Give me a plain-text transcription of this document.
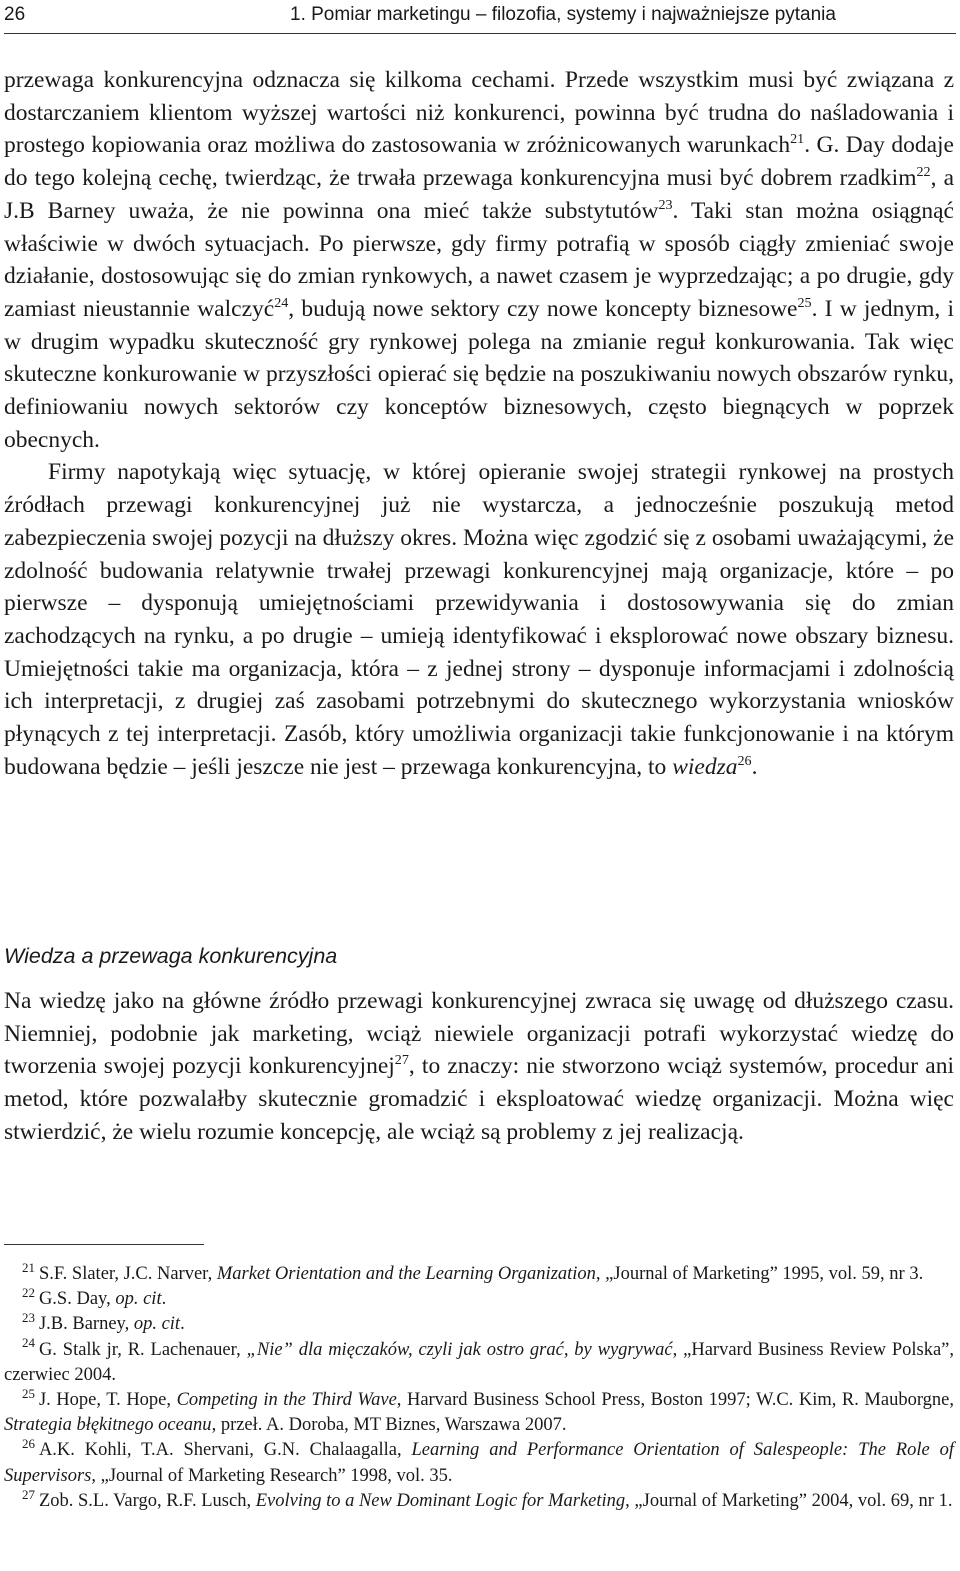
26	1. Pomiar marketingu – filozofia, systemy i najważniejsze pytania

przewaga konkurencyjna odznacza się kilkoma cechami. Przede wszystkim musi być związana z dostarczaniem klientom wyższej wartości niż konkurenci, powinna być trudna do naśladowania i prostego kopiowania oraz możliwa do zastosowania w zróżnicowanych warunkach$^{21}$. G. Day dodaje do tego kolejną cechę, twierdząc, że trwała przewaga konkurencyjna musi być dobrem rzadkim$^{22}$, a J.B Barney uważa, że nie powinna ona mieć także substytutów$^{23}$. Taki stan można osiągnąć właściwie w dwóch sytuacjach. Po pierwsze, gdy firmy potrafią w sposób ciągły zmieniać swoje działanie, dostosowując się do zmian rynkowych, a nawet czasem je wyprzedzając; a po drugie, gdy zamiast nieustannie walczyć$^{24}$, budują nowe sektory czy nowe koncepty biznesowe$^{25}$. I w jednym, i w drugim wypadku skuteczność gry rynkowej polega na zmianie reguł konkurowania. Tak więc skuteczne konkurowanie w przyszłości opierać się będzie na poszukiwaniu nowych obszarów rynku, definiowaniu nowych sektorów czy konceptów biznesowych, często biegnących w poprzek obecnych.

Firmy napotykają więc sytuację, w której opieranie swojej strategii rynkowej na prostych źródłach przewagi konkurencyjnej już nie wystarcza, a jednocześnie poszukują metod zabezpieczenia swojej pozycji na dłuższy okres. Można więc zgodzić się z osobami uważającymi, że zdolność budowania relatywnie trwałej przewagi konkurencyjnej mają organizacje, które – po pierwsze – dysponują umiejętnościami przewidywania i dostosowywania się do zmian zachodzących na rynku, a po drugie – umieją identyfikować i eksplorować nowe obszary biznesu. Umiejętności takie ma organizacja, która – z jednej strony – dysponuje informacjami i zdolnością ich interpretacji, z drugiej zaś zasobami potrzebnymi do skutecznego wykorzystania wniosków płynących z tej interpretacji. Zasób, który umożliwia organizacji takie funkcjonowanie i na którym budowana będzie – jeśli jeszcze nie jest – przewaga konkurencyjna, to wiedza$^{26}$.

Wiedza a przewaga konkurencyjna

Na wiedzę jako na główne źródło przewagi konkurencyjnej zwraca się uwagę od dłuższego czasu. Niemniej, podobnie jak marketing, wciąż niewiele organizacji potrafi wykorzystać wiedzę do tworzenia swojej pozycji konkurencyjnej$^{27}$, to znaczy: nie stworzono wciąż systemów, procedur ani metod, które pozwalałby skutecznie gromadzić i eksploatować wiedzę organizacji. Można więc stwierdzić, że wielu rozumie koncepcję, ale wciąż są problemy z jej realizacją.

$^{21}$ S.F. Slater, J.C. Narver, Market Orientation and the Learning Organization, „Journal of Marketing” 1995, vol. 59, nr 3.

$^{22}$ G.S. Day, op. cit.

$^{23}$ J.B. Barney, op. cit.

$^{24}$ G. Stalk jr, R. Lachenauer, „Nie” dla mięczaków, czyli jak ostro grać, by wygrywać, „Harvard Business Review Polska”, czerwiec 2004.

$^{25}$ J. Hope, T. Hope, Competing in the Third Wave, Harvard Business School Press, Boston 1997; W.C. Kim, R. Mauborgne, Strategia błękitnego oceanu, przeł. A. Doroba, MT Biznes, Warszawa 2007.

$^{26}$ A.K. Kohli, T.A. Shervani, G.N. Chalaagalla, Learning and Performance Orientation of Salespeople: The Role of Supervisors, „Journal of Marketing Research” 1998, vol. 35.

$^{27}$ Zob. S.L. Vargo, R.F. Lusch, Evolving to a New Dominant Logic for Marketing, „Journal of Marketing” 2004, vol. 69, nr 1.
